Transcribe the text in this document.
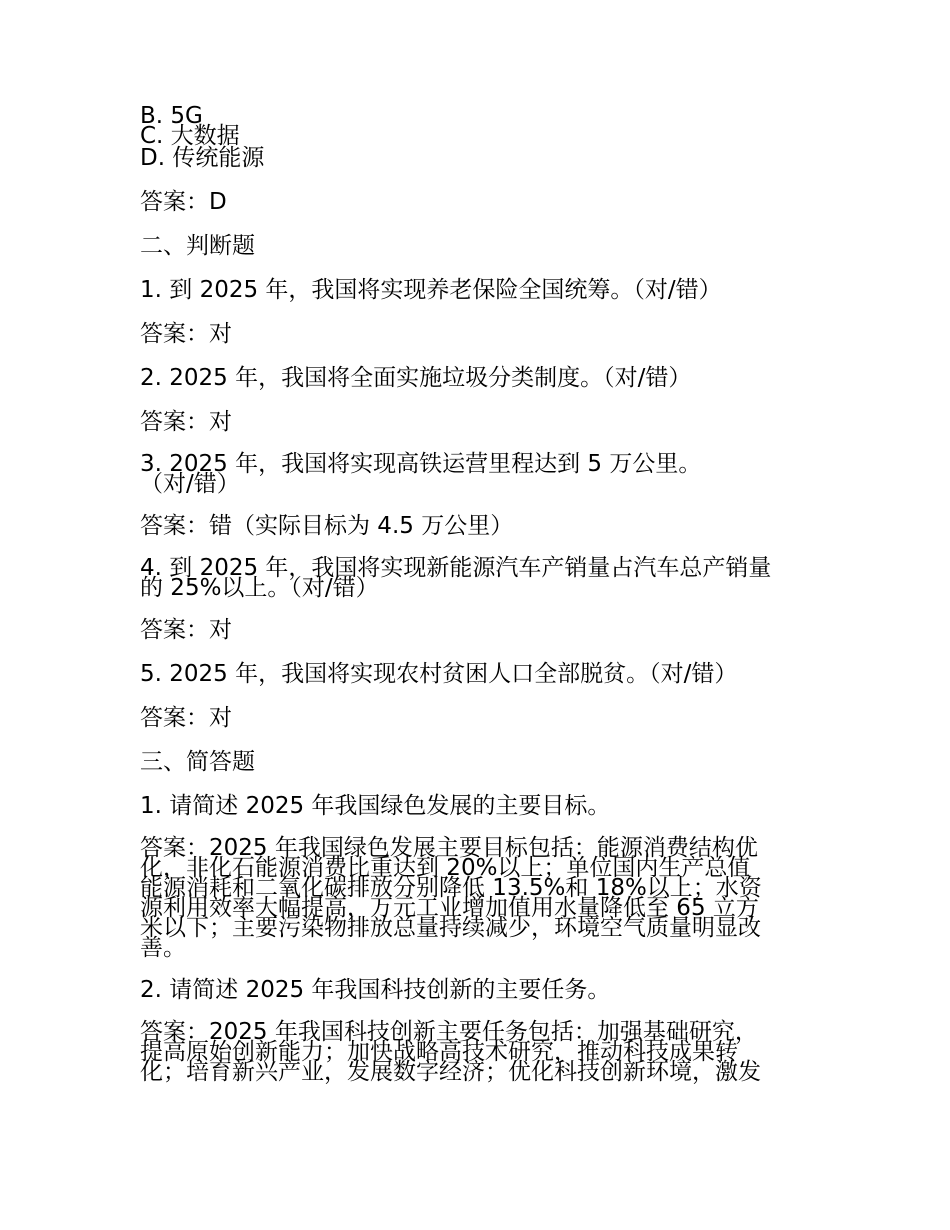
B. 5G
C. 大数据
D. 传统能源
答案：D
二、判断题
1. 到 2025 年，我国将实现养老保险全国统筹。（对/错）
答案：对
2. 2025 年，我国将全面实施垃圾分类制度。（对/错）
答案：对
3. 2025 年，我国将实现高铁运营里程达到 5 万公里。
（对/错）
答案：错（实际目标为 4.5 万公里）
4. 到 2025 年，我国将实现新能源汽车产销量占汽车总产销量
的 25%以上。（对/错）
答案：对
5. 2025 年，我国将实现农村贫困人口全部脱贫。（对/错）
答案：对
三、简答题
1. 请简述 2025 年我国绿色发展的主要目标。
答案：2025 年我国绿色发展主要目标包括：能源消费结构优
化，非化石能源消费比重达到 20%以上；单位国内生产总值
能源消耗和二氧化碳排放分别降低 13.5%和 18%以上；水资
源利用效率大幅提高，万元工业增加值用水量降低至 65 立方
米以下；主要污染物排放总量持续减少，环境空气质量明显改
善。
2. 请简述 2025 年我国科技创新的主要任务。
答案：2025 年我国科技创新主要任务包括：加强基础研究，
提高原始创新能力；加快战略高技术研究，推动科技成果转
化；培育新兴产业，发展数字经济；优化科技创新环境，激发
